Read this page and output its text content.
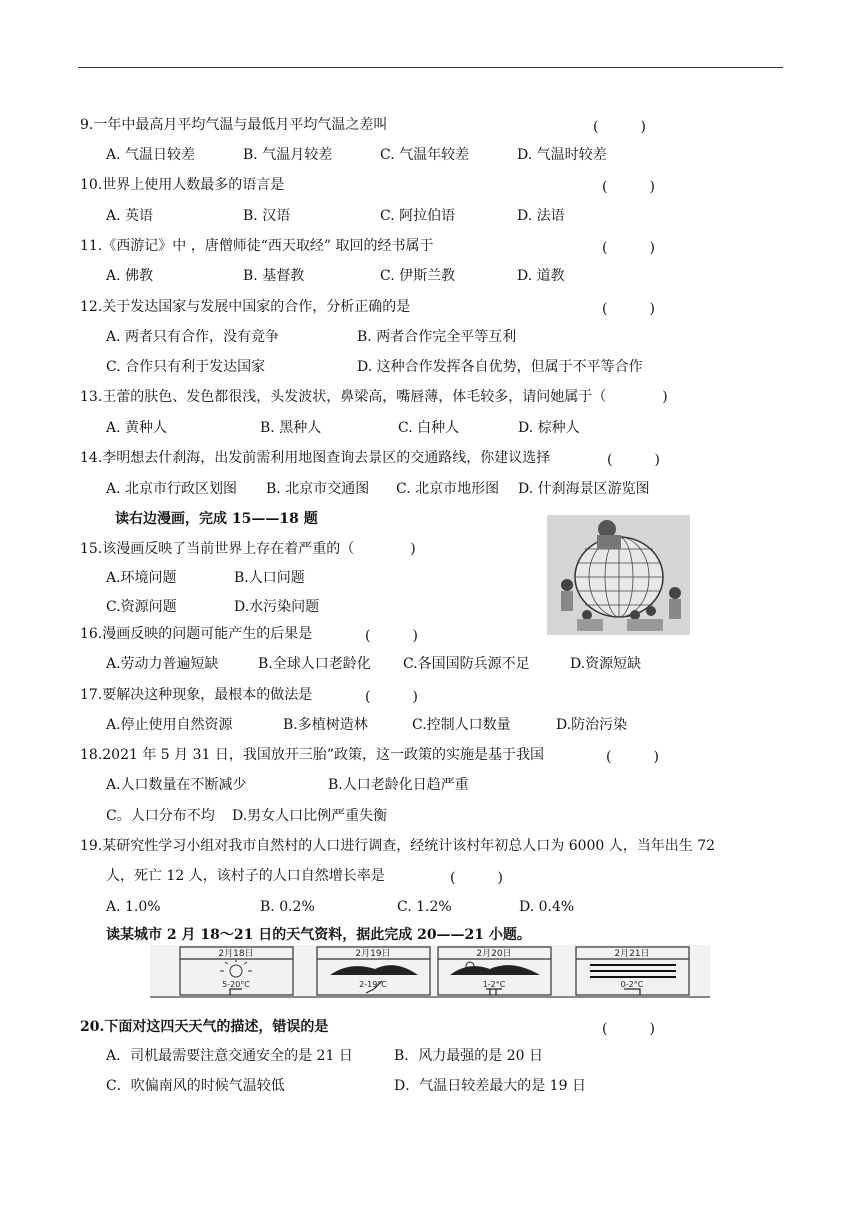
9.一年中最高月平均气温与最低月平均气温之差叫	(　　　)
A. 气温日较差	B. 气温月较差	C. 气温年较差	D. 气温时较差
10.世界上使用人数最多的语言是	(　　　)
A. 英语	B. 汉语	C. 阿拉伯语	D. 法语
11.《西游记》中 ，唐僧师徒“西天取经” 取回的经书属于	(　　　)
A. 佛教	B. 基督教	C. 伊斯兰教	D. 道教
12.关于发达国家与发展中国家的合作，分析正确的是	(　　　)
A. 两者只有合作，没有竞争	B. 两者合作完全平等互利
C. 合作只有利于发达国家	D. 这种合作发挥各自优势，但属于不平等合作
13.王蕾的肤色、发色都很浅，头发波状，鼻梁高，嘴唇薄，体毛较多，请问她属于（　　　　)
A. 黄种人	B. 黑种人	C. 白种人	D. 棕种人
14.李明想去什刹海，出发前需利用地图查询去景区的交通路线，你建议选择	(　　　)
A. 北京市行政区划图 B. 北京市交通图 C. 北京市地形图 D. 什刹海景区游览图
读右边漫画，完成 15——18 题
15.该漫画反映了当前世界上存在着严重的（　　　　)
A.环境问题	B.人口问题
C.资源问题	D.水污染问题
16.漫画反映的问题可能产生的后果是	(　　　)
A.劳动力普遍短缺	B.全球人口老龄化 C.各国国防兵源不足	D.资源短缺
17.要解决这种现象，最根本的做法是	(　　　)
A.停止使用自然资源	B.多植树造林	C.控制人口数量	D.防治污染
18.2021 年 5 月 31 日，我国放开三胎”政策，这一政策的实施是基于我国	(　　　)
A.人口数量在不断减少	B.人口老龄化日趋严重
C。人口分布不均 D.男女人口比例严重失衡
19.某研究性学习小组对我市自然村的人口进行调查，经统计该村年初总人口为 6000 人，当年出生 72
人，死亡 12 人，该村子的人口自然增长率是	(　　　)
A. 1.0%	B. 0.2%	C. 1.2%	D. 0.4%
读某城市 2 月 18～21 日的天气资料，据此完成 20——21 小题。
2月18日	2月19日	2月20日	2月21日
5-20°C	2-19°C	1-2°C	0-2°C
20.下面对这四天天气的描述，错误的是	(　　　)
A．司机最需要注意交通安全的是 21 日	B．风力最强的是 20 日
C．吹偏南风的时候气温较低	D．气温日较差最大的是 19 日
